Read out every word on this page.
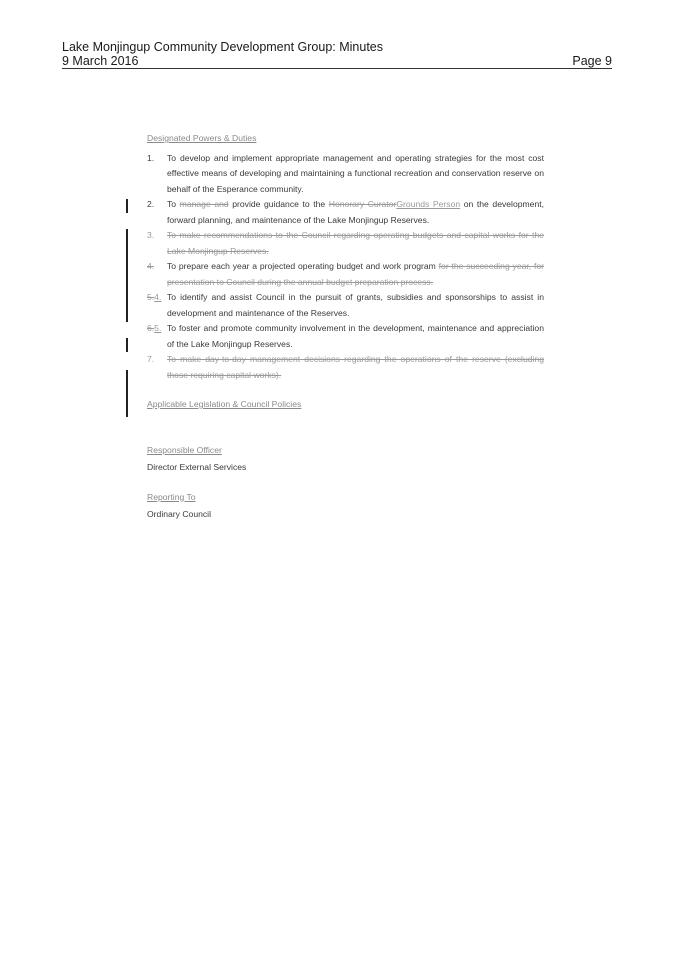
Lake Monjingup Community Development Group: Minutes
9 March 2016	Page 9
Designated Powers & Duties
1. To develop and implement appropriate management and operating strategies for the most cost effective means of developing and maintaining a functional recreation and conservation reserve on behalf of the Esperance community.
2. To manage and provide guidance to the Honorary CuratorGrounds Person on the development, forward planning, and maintenance of the Lake Monjingup Reserves.
3. To make recommendations to the Council regarding operating budgets and capital works for the Lake Monjingup Reserves.
4. To prepare each year a projected operating budget and work program for the succeeding year, for presentation to Council during the annual budget preparation process.
5.4. To identify and assist Council in the pursuit of grants, subsidies and sponsorships to assist in development and maintenance of the Reserves.
6.5. To foster and promote community involvement in the development, maintenance and appreciation of the Lake Monjingup Reserves.
7. To make day-to-day management decisions regarding the operations of the reserve (excluding those requiring capital works).
Applicable Legislation & Council Policies
Responsible Officer
Director External Services
Reporting To
Ordinary Council
